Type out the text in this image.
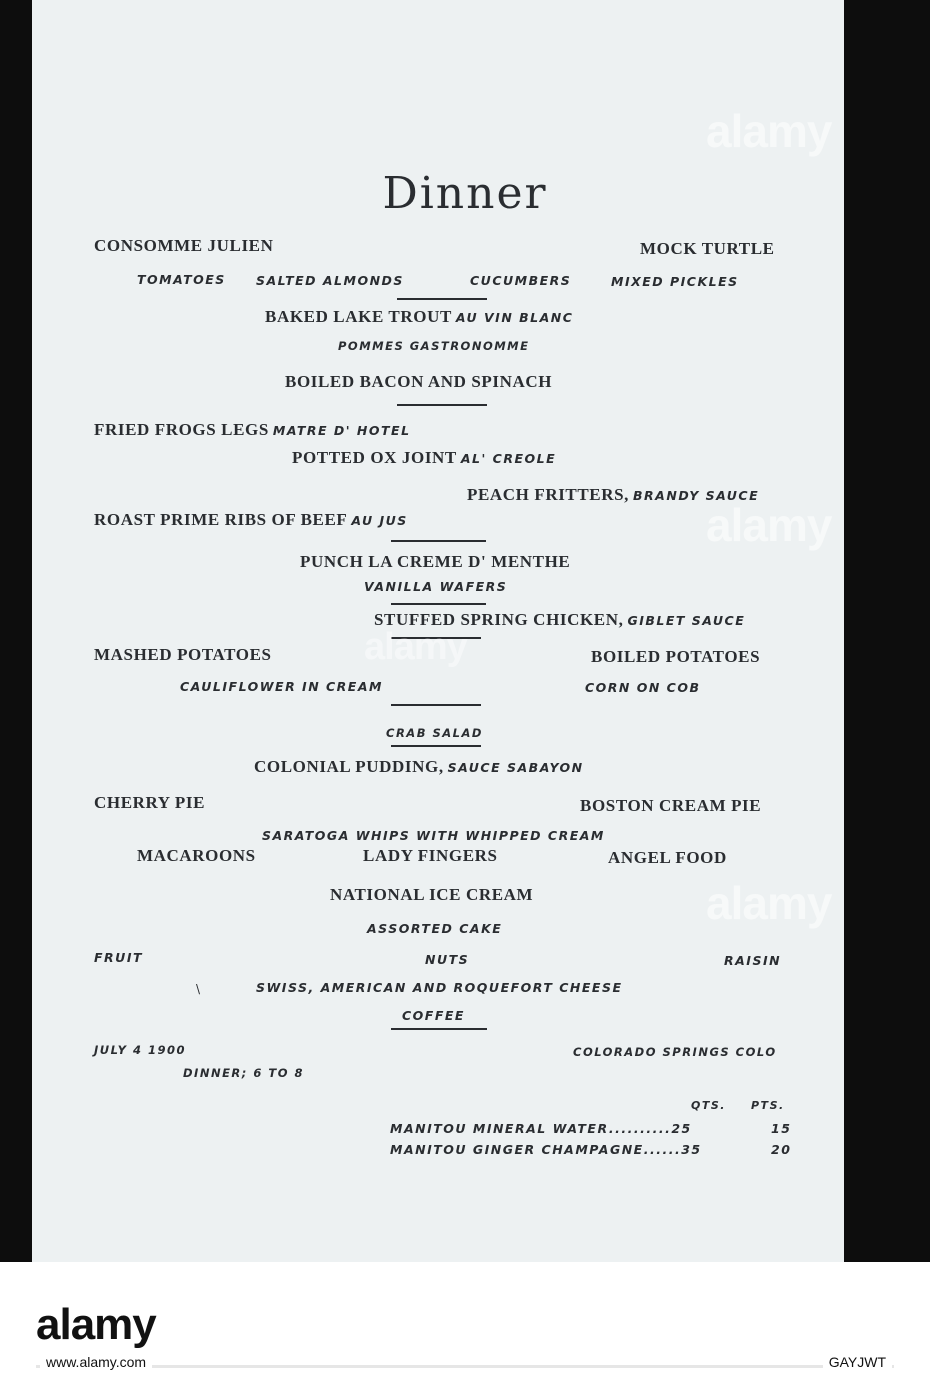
Dinner
CONSOMME JULIEN	MOCK TURTLE
TOMATOES SALTED ALMONDS	CUCUMBERS	MIXED PICKLES
BAKED LAKE TROUT AU VIN BLANC
POMMES GASTRONOMME
BOILED BACON AND SPINACH
FRIED FROGS LEGS MATRE D' HOTEL
POTTED OX JOINT AL' CREOLE
PEACH FRITTERS, BRANDY SAUCE
ROAST PRIME RIBS OF BEEF AU JUS
PUNCH LA CREME D' MENTHE
VANILLA WAFERS
STUFFED SPRING CHICKEN, GIBLET SAUCE
MASHED POTATOES	BOILED POTATOES
CAULIFLOWER IN CREAM	CORN ON COB
CRAB SALAD
COLONIAL PUDDING, SAUCE SABAYON
CHERRY PIE	BOSTON CREAM PIE
SARATOGA WHIPS WITH WHIPPED CREAM
MACAROONS	LADY FINGERS	ANGEL FOOD
NATIONAL ICE CREAM
ASSORTED CAKE
FRUIT	NUTS	RAISIN
\	SWISS, AMERICAN AND ROQUEFORT CHEESE
COFFEE
JULY 4 1900	COLORADO SPRINGS COLO
DINNER; 6 TO 8
QTS. PTS.
MANITOU MINERAL WATER..........25	15
MANITOU GINGER CHAMPAGNE......35	20
alamy
alamy
alamy
alamy
alamy
www.alamy.com	GAYJWT
